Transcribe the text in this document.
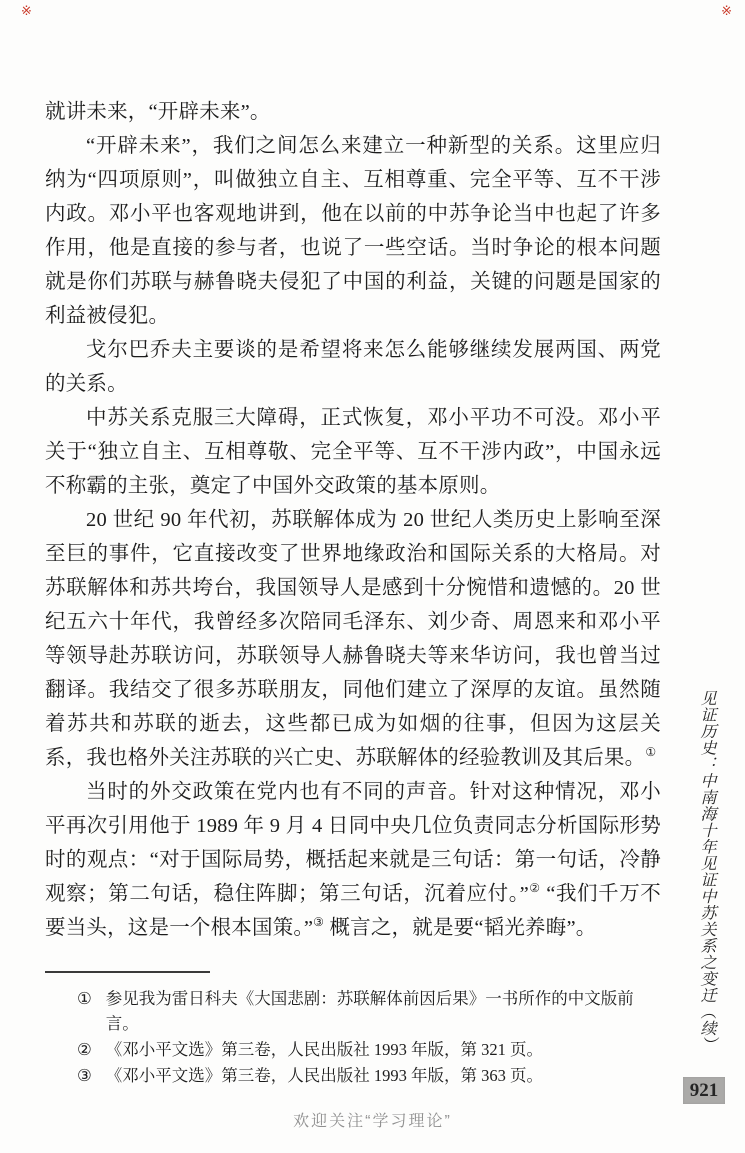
※	※

就讲未来，“开辟未来”。

“开辟未来”，我们之间怎么来建立一种新型的关系。这里应归纳为“四项原则”，叫做独立自主、互相尊重、完全平等、互不干涉内政。邓小平也客观地讲到，他在以前的中苏争论当中也起了许多作用，他是直接的参与者，也说了一些空话。当时争论的根本问题就是你们苏联与赫鲁晓夫侵犯了中国的利益，关键的问题是国家的利益被侵犯。

戈尔巴乔夫主要谈的是希望将来怎么能够继续发展两国、两党的关系。

中苏关系克服三大障碍，正式恢复，邓小平功不可没。邓小平关于“独立自主、互相尊敬、完全平等、互不干涉内政”，中国永远不称霸的主张，奠定了中国外交政策的基本原则。

20 世纪 90 年代初，苏联解体成为 20 世纪人类历史上影响至深至巨的事件，它直接改变了世界地缘政治和国际关系的大格局。对苏联解体和苏共垮台，我国领导人是感到十分惋惜和遗憾的。20 世纪五六十年代，我曾经多次陪同毛泽东、刘少奇、周恩来和邓小平等领导赴苏联访问，苏联领导人赫鲁晓夫等来华访问，我也曾当过翻译。我结交了很多苏联朋友，同他们建立了深厚的友谊。虽然随着苏共和苏联的逝去，这些都已成为如烟的往事，但因为这层关系，我也格外关注苏联的兴亡史、苏联解体的经验教训及其后果。①

当时的外交政策在党内也有不同的声音。针对这种情况，邓小平再次引用他于 1989 年 9 月 4 日同中央几位负责同志分析国际形势时的观点：“对于国际局势，概括起来就是三句话：第一句话，冷静观察；第二句话，稳住阵脚；第三句话，沉着应付。”② “我们千万不要当头，这是一个根本国策。”③ 概言之，就是要“韬光养晦”。

① 参见我为雷日科夫《大国悲剧：苏联解体前因后果》一书所作的中文版前言。
② 《邓小平文选》第三卷，人民出版社 1993 年版，第 321 页。
③ 《邓小平文选》第三卷，人民出版社 1993 年版，第 363 页。
见证历史：中南海十年见证中苏关系之变迁（续）
921
欢迎关注“学习理论”
